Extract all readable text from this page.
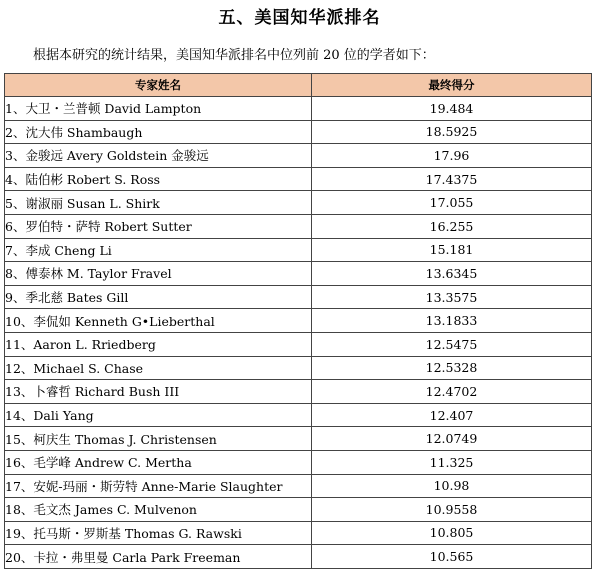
五、美国知华派排名
根据本研究的统计结果，美国知华派排名中位列前 20 位的学者如下：
专家姓名	最终得分
1、大卫・兰普顿 David Lampton	19.484
2、沈大伟 Shambaugh	18.5925
3、金骏远 Avery Goldstein 金骏远	17.96
4、陆伯彬 Robert S. Ross	17.4375
5、谢淑丽 Susan L. Shirk	17.055
6、罗伯特・萨特 Robert Sutter	16.255
7、李成 Cheng Li	15.181
8、傅泰林 M. Taylor Fravel	13.6345
9、季北慈 Bates Gill	13.3575
10、李侃如 Kenneth G•Lieberthal	13.1833
11、Aaron L. Rriedberg	12.5475
12、Michael S. Chase	12.5328
13、卜睿哲 Richard Bush III	12.4702
14、Dali Yang	12.407
15、柯庆生 Thomas J. Christensen	12.0749
16、毛学峰 Andrew C. Mertha	11.325
17、安妮-玛丽・斯劳特 Anne-Marie Slaughter	10.98
18、毛文杰 James C. Mulvenon	10.9558
19、托马斯・罗斯基 Thomas G. Rawski	10.805
20、卡拉・弗里曼 Carla Park Freeman	10.565
